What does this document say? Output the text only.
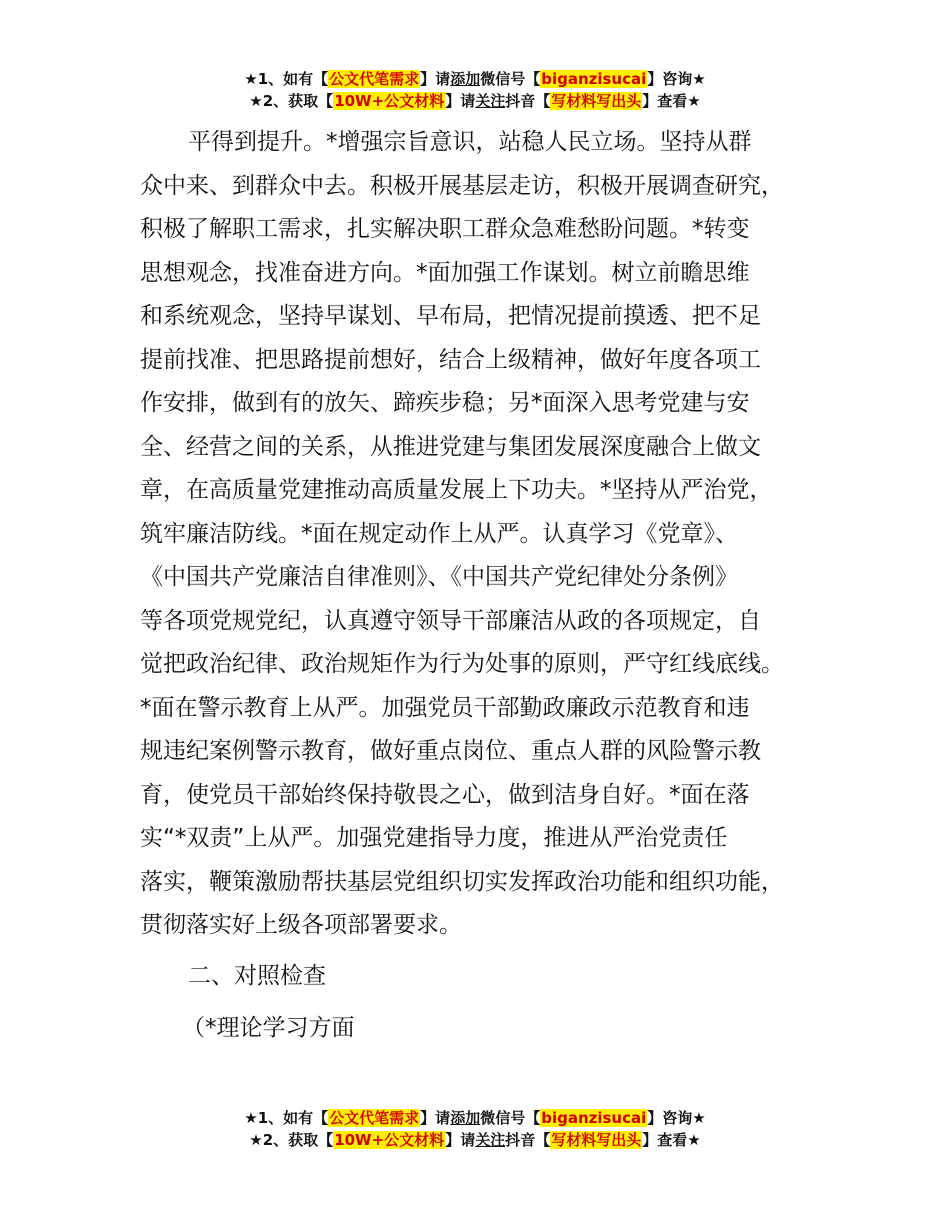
★1、如有【公文代笔需求】请添加微信号【biganzisucai】咨询★
★2、获取【10W+公文材料】请关注抖音【写材料写出头】查看★
平得到提升。*增强宗旨意识，站稳人民立场。坚持从群
众中来、到群众中去。积极开展基层走访，积极开展调查研究，
积极了解职工需求，扎实解决职工群众急难愁盼问题。*转变
思想观念，找准奋进方向。*面加强工作谋划。树立前瞻思维
和系统观念，坚持早谋划、早布局，把情况提前摸透、把不足
提前找准、把思路提前想好，结合上级精神，做好年度各项工
作安排，做到有的放矢、蹄疾步稳；另*面深入思考党建与安
全、经营之间的关系，从推进党建与集团发展深度融合上做文
章，在高质量党建推动高质量发展上下功夫。*坚持从严治党，
筑牢廉洁防线。*面在规定动作上从严。认真学习《党章》、
《中国共产党廉洁自律准则》、《中国共产党纪律处分条例》
等各项党规党纪，认真遵守领导干部廉洁从政的各项规定，自
觉把政治纪律、政治规矩作为行为处事的原则，严守红线底线。
*面在警示教育上从严。加强党员干部勤政廉政示范教育和违
规违纪案例警示教育，做好重点岗位、重点人群的风险警示教
育，使党员干部始终保持敬畏之心，做到洁身自好。*面在落
实“*双责”上从严。加强党建指导力度，推进从严治党责任
落实，鞭策激励帮扶基层党组织切实发挥政治功能和组织功能，
贯彻落实好上级各项部署要求。
二、对照检查
（*理论学习方面
★1、如有【公文代笔需求】请添加微信号【biganzisucai】咨询★
★2、获取【10W+公文材料】请关注抖音【写材料写出头】查看★
